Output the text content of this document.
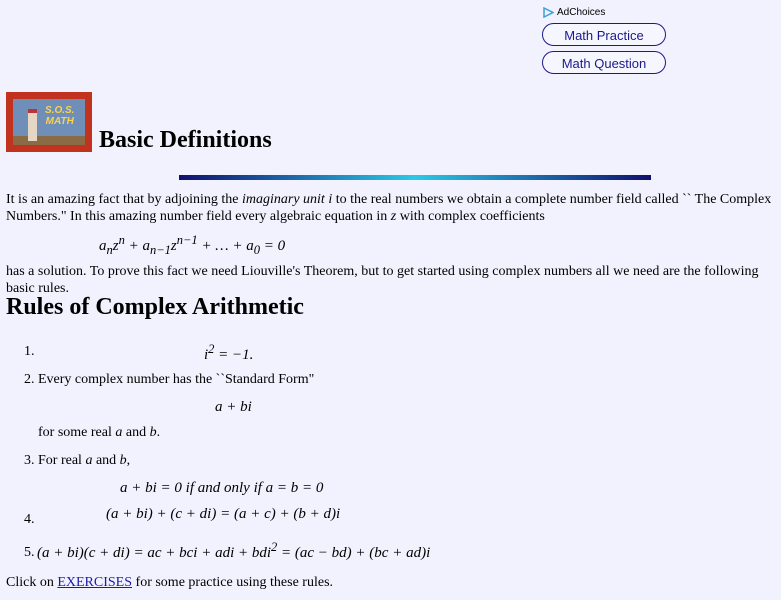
AdChoices
Math Practice
Math Question
S.O.S.
MATH
Basic Definitions
It is an amazing fact that by adjoining the imaginary unit i to the real numbers we obtain a complete number field called `` The Complex Numbers." In this amazing number field every algebraic equation in z with complex coefficients
$a_nz^n + a_{n-1}z^{n-1}$ + … + $a_0 = 0$
has a solution. To prove this fact we need Liouville's Theorem, but to get started using complex numbers all we need are the following basic rules.
Rules of Complex Arithmetic
1.	$i^2 = -1$.
2. Every complex number has the ``Standard Form"
a + bi
for some real a and b.
3. For real a and b,
a + bi = 0 if and only if a = b = 0
4.	(a + bi) + (c + di) = (a + c) + (b + d)i
5. (a + bi)(c + di) = ac + bci + adi + bdi$^2$ = (ac − bd) + (bc + ad)i
Click on EXERCISES for some practice using these rules.
